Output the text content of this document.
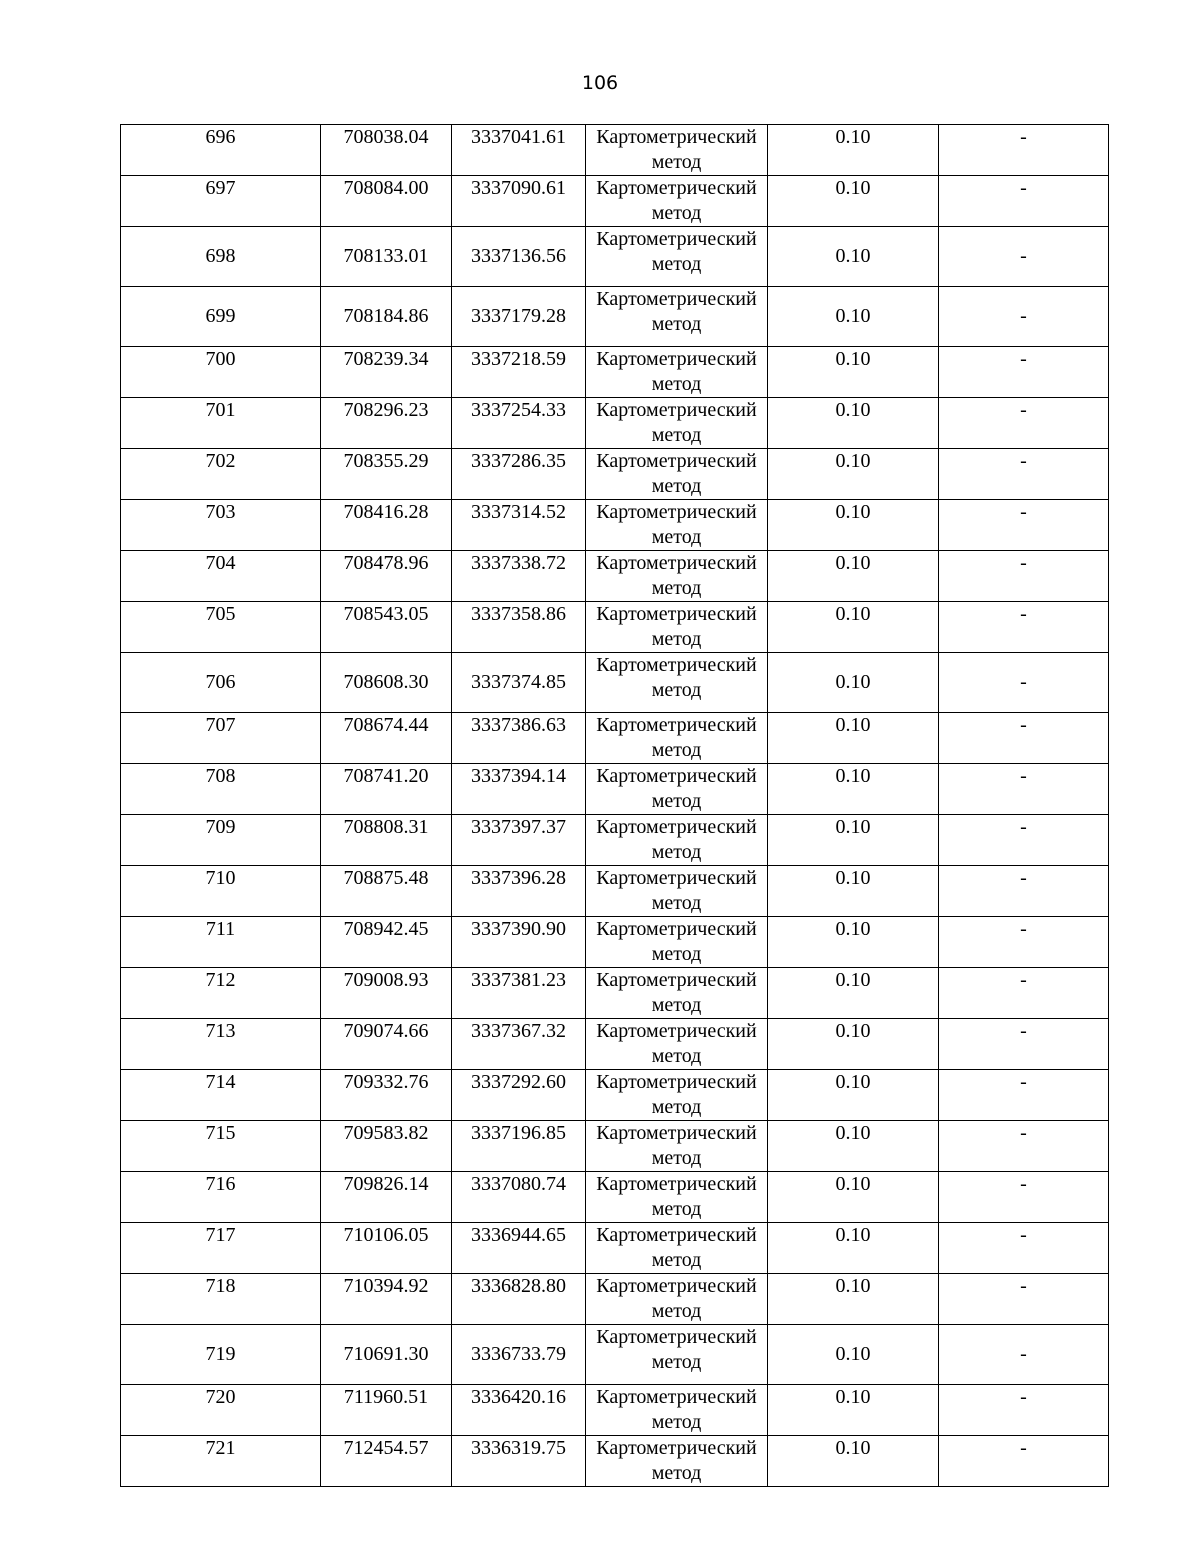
106
696	708038.04	3337041.61	Картометрический метод	0.10	-
697	708084.00	3337090.61	Картометрический метод	0.10	-
698	708133.01	3337136.56	Картометрический метод	0.10	-
699	708184.86	3337179.28	Картометрический метод	0.10	-
700	708239.34	3337218.59	Картометрический метод	0.10	-
701	708296.23	3337254.33	Картометрический метод	0.10	-
702	708355.29	3337286.35	Картометрический метод	0.10	-
703	708416.28	3337314.52	Картометрический метод	0.10	-
704	708478.96	3337338.72	Картометрический метод	0.10	-
705	708543.05	3337358.86	Картометрический метод	0.10	-
706	708608.30	3337374.85	Картометрический метод	0.10	-
707	708674.44	3337386.63	Картометрический метод	0.10	-
708	708741.20	3337394.14	Картометрический метод	0.10	-
709	708808.31	3337397.37	Картометрический метод	0.10	-
710	708875.48	3337396.28	Картометрический метод	0.10	-
711	708942.45	3337390.90	Картометрический метод	0.10	-
712	709008.93	3337381.23	Картометрический метод	0.10	-
713	709074.66	3337367.32	Картометрический метод	0.10	-
714	709332.76	3337292.60	Картометрический метод	0.10	-
715	709583.82	3337196.85	Картометрический метод	0.10	-
716	709826.14	3337080.74	Картометрический метод	0.10	-
717	710106.05	3336944.65	Картометрический метод	0.10	-
718	710394.92	3336828.80	Картометрический метод	0.10	-
719	710691.30	3336733.79	Картометрический метод	0.10	-
720	711960.51	3336420.16	Картометрический метод	0.10	-
721	712454.57	3336319.75	Картометрический метод	0.10	-
